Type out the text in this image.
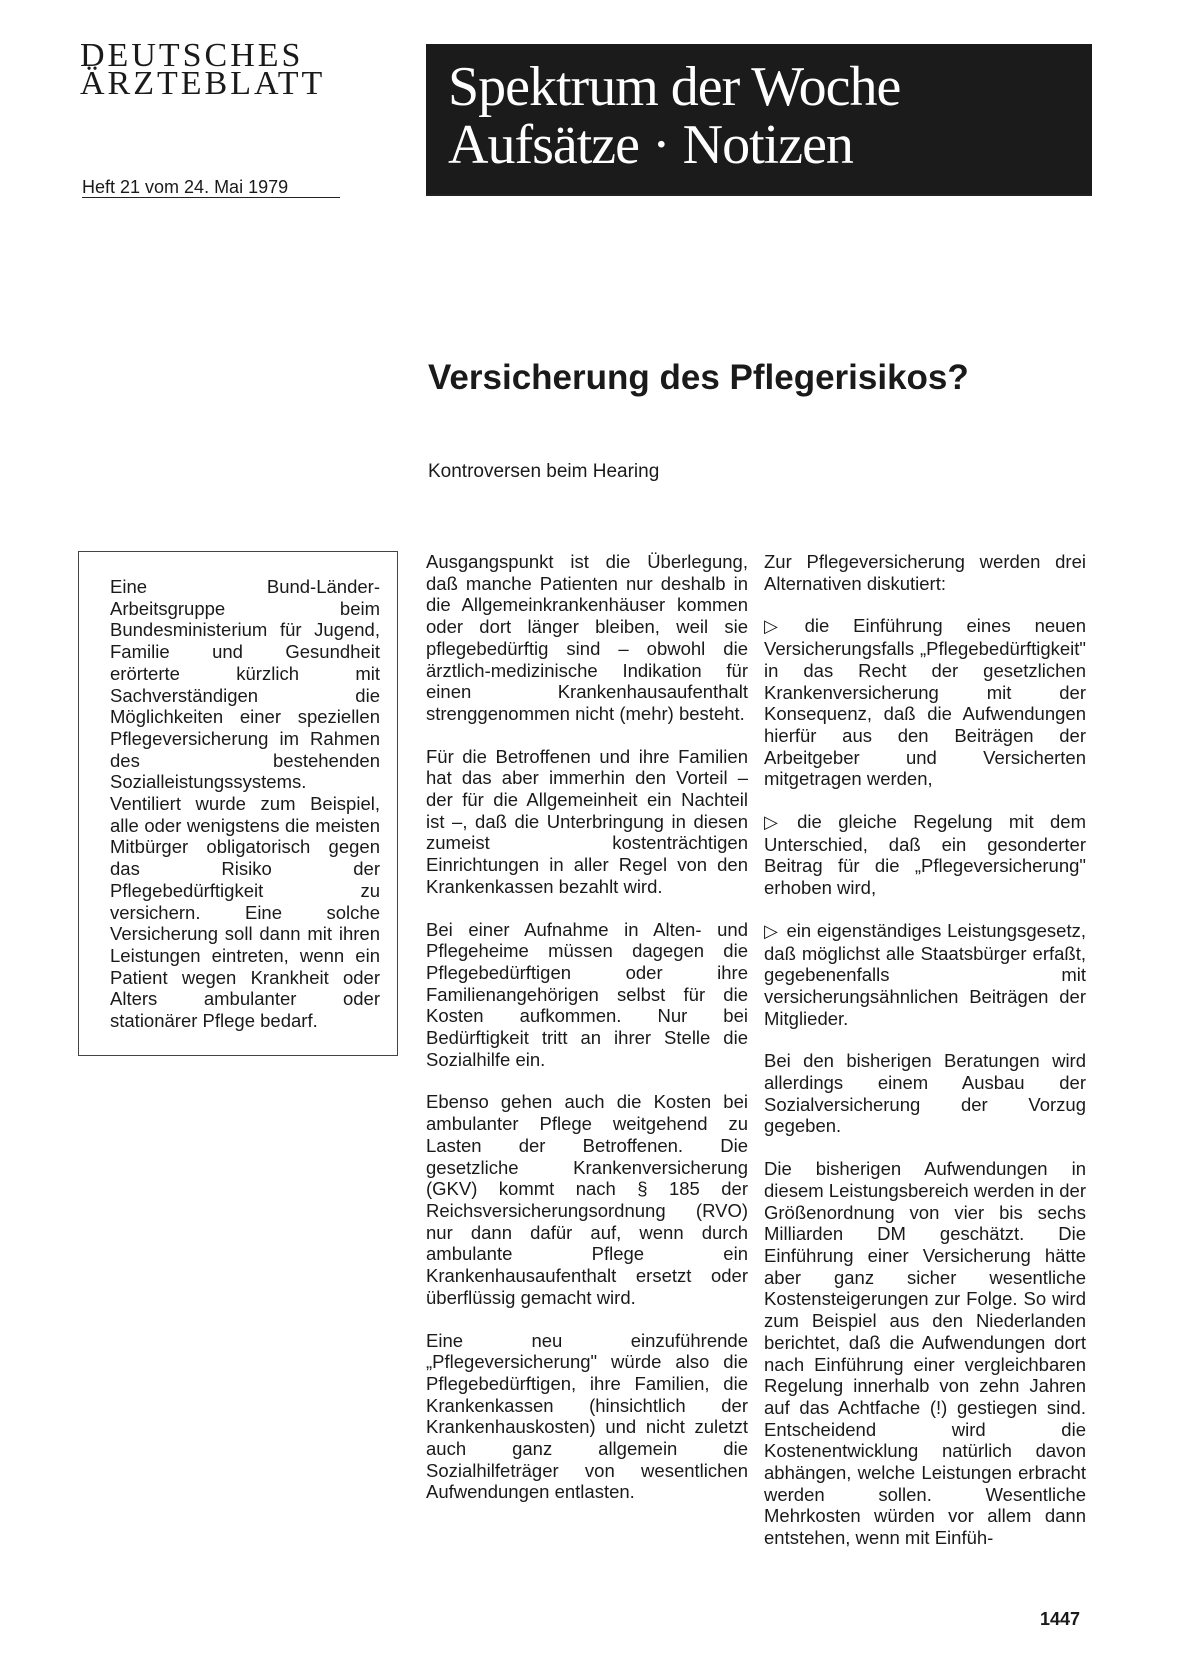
DEUTSCHES
ÄRZTEBLATT
Heft 21 vom 24. Mai 1979
Spektrum der Woche
Aufsätze · Notizen
Versicherung des Pflegerisikos?
Kontroversen beim Hearing
Eine Bund-Länder-Arbeitsgruppe beim Bundesministerium für Jugend, Familie und Gesundheit erörterte kürzlich mit Sachverständigen die Möglichkeiten einer speziellen Pflegeversicherung im Rahmen des bestehenden Sozialleistungssystems. Ventiliert wurde zum Beispiel, alle oder wenigstens die meisten Mitbürger obligatorisch gegen das Risiko der Pflegebedürftigkeit zu versichern. Eine solche Versicherung soll dann mit ihren Leistungen eintreten, wenn ein Patient wegen Krankheit oder Alters ambulanter oder stationärer Pflege bedarf.

Ausgangspunkt ist die Überlegung, daß manche Patienten nur deshalb in die Allgemeinkrankenhäuser kommen oder dort länger bleiben, weil sie pflegebedürftig sind – obwohl die ärztlich-medizinische Indikation für einen Krankenhausaufenthalt strenggenommen nicht (mehr) besteht.

Für die Betroffenen und ihre Familien hat das aber immerhin den Vorteil – der für die Allgemeinheit ein Nachteil ist –, daß die Unterbringung in diesen zumeist kostenträchtigen Einrichtungen in aller Regel von den Krankenkassen bezahlt wird.

Bei einer Aufnahme in Alten- und Pflegeheime müssen dagegen die Pflegebedürftigen oder ihre Familienangehörigen selbst für die Kosten aufkommen. Nur bei Bedürftigkeit tritt an ihrer Stelle die Sozialhilfe ein.

Ebenso gehen auch die Kosten bei ambulanter Pflege weitgehend zu Lasten der Betroffenen. Die gesetzliche Krankenversicherung (GKV) kommt nach § 185 der Reichsversicherungsordnung (RVO) nur dann dafür auf, wenn durch ambulante Pflege ein Krankenhausaufenthalt ersetzt oder überflüssig gemacht wird.

Eine neu einzuführende „Pflegeversicherung" würde also die Pflegebedürftigen, ihre Familien, die Krankenkassen (hinsichtlich der Krankenhauskosten) und nicht zuletzt auch ganz allgemein die Sozialhilfeträger von wesentlichen Aufwendungen entlasten.

Zur Pflegeversicherung werden drei Alternativen diskutiert:

▷ die Einführung eines neuen Versicherungsfalls „Pflegebedürftigkeit" in das Recht der gesetzlichen Krankenversicherung mit der Konsequenz, daß die Aufwendungen hierfür aus den Beiträgen der Arbeitgeber und Versicherten mitgetragen werden,

▷ die gleiche Regelung mit dem Unterschied, daß ein gesonderter Beitrag für die „Pflegeversicherung" erhoben wird,

▷ ein eigenständiges Leistungsgesetz, daß möglichst alle Staatsbürger erfaßt, gegebenenfalls mit versicherungsähnlichen Beiträgen der Mitglieder.

Bei den bisherigen Beratungen wird allerdings einem Ausbau der Sozialversicherung der Vorzug gegeben.

Die bisherigen Aufwendungen in diesem Leistungsbereich werden in der Größenordnung von vier bis sechs Milliarden DM geschätzt. Die Einführung einer Versicherung hätte aber ganz sicher wesentliche Kostensteigerungen zur Folge. So wird zum Beispiel aus den Niederlanden berichtet, daß die Aufwendungen dort nach Einführung einer vergleichbaren Regelung innerhalb von zehn Jahren auf das Achtfache (!) gestiegen sind. Entscheidend wird die Kostenentwicklung natürlich davon abhängen, welche Leistungen erbracht werden sollen. Wesentliche Mehrkosten würden vor allem dann entstehen, wenn mit Einfüh-

1447
